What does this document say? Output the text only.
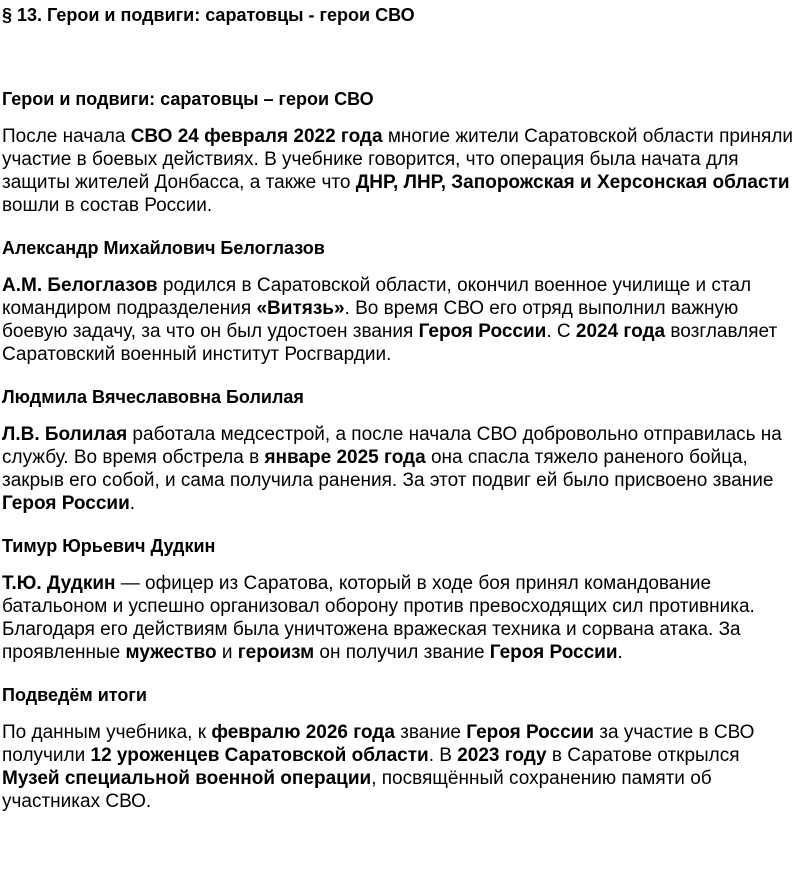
§ 13. Герои и подвиги: саратовцы - герои СВО
Герои и подвиги: саратовцы – герои СВО

После начала СВО 24 февраля 2022 года многие жители Саратовской области приняли участие в боевых действиях. В учебнике говорится, что операция была начата для защиты жителей Донбасса, а также что ДНР, ЛНР, Запорожская и Херсонская области вошли в состав России.

Александр Михайлович Белоглазов

А.М. Белоглазов родился в Саратовской области, окончил военное училище и стал командиром подразделения «Витязь». Во время СВО его отряд выполнил важную боевую задачу, за что он был удостоен звания Героя России. С 2024 года возглавляет Саратовский военный институт Росгвардии.

Людмила Вячеславовна Болилая

Л.В. Болилая работала медсестрой, а после начала СВО добровольно отправилась на службу. Во время обстрела в январе 2025 года она спасла тяжело раненого бойца, закрыв его собой, и сама получила ранения. За этот подвиг ей было присвоено звание Героя России.

Тимур Юрьевич Дудкин

Т.Ю. Дудкин — офицер из Саратова, который в ходе боя принял командование батальоном и успешно организовал оборону против превосходящих сил противника. Благодаря его действиям была уничтожена вражеская техника и сорвана атака. За проявленные мужество и героизм он получил звание Героя России.

Подведём итоги

По данным учебника, к февралю 2026 года звание Героя России за участие в СВО получили 12 уроженцев Саратовской области. В 2023 году в Саратове открылся Музей специальной военной операции, посвящённый сохранению памяти об участниках СВО.
